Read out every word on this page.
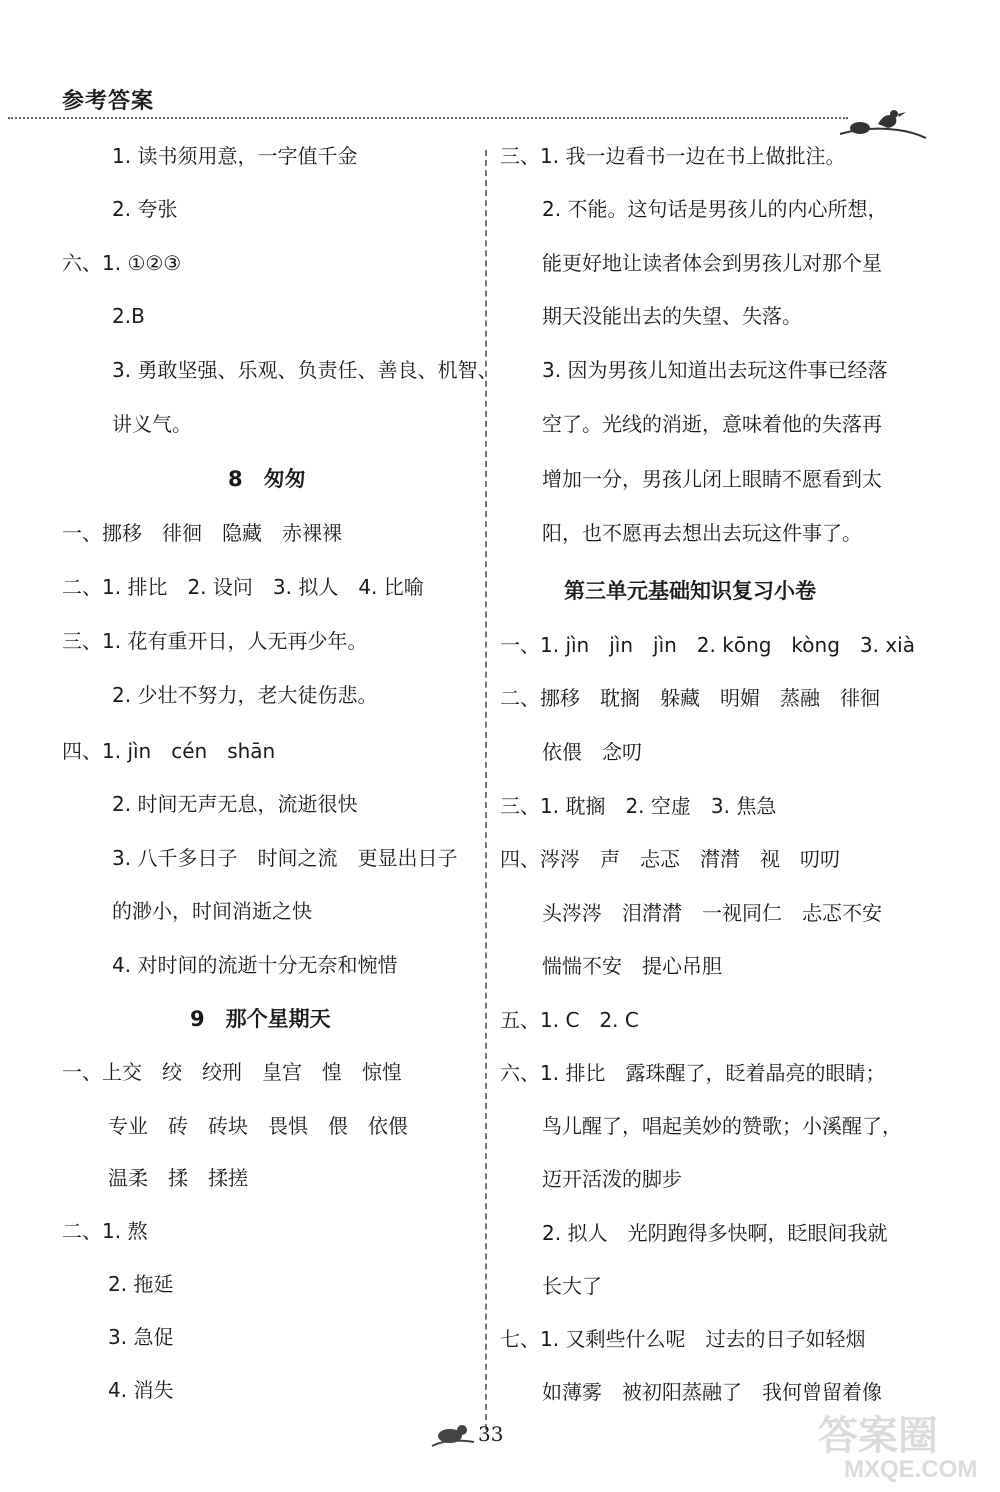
参考答案
1. 读书须用意，一字值千金
2. 夸张
六、1. ①②③
2.B
3. 勇敢坚强、乐观、负责任、善良、机智、
讲义气。
8　匆匆
一、挪移　徘徊　隐藏　赤裸裸
二、1. 排比　2. 设问　3. 拟人　4. 比喻
三、1. 花有重开日，人无再少年。
2. 少壮不努力，老大徒伤悲。
四、1. jìn　cén　shān
2. 时间无声无息，流逝很快
3. 八千多日子　时间之流　更显出日子
的渺小，时间消逝之快
4. 对时间的流逝十分无奈和惋惜
9　那个星期天
一、上交　绞　绞刑　皇宫　惶　惊惶
专业　砖　砖块　畏惧　偎　依偎
温柔　揉　揉搓
二、1. 熬
2. 拖延
3. 急促
4. 消失
三、1. 我一边看书一边在书上做批注。
2. 不能。这句话是男孩儿的内心所想，
能更好地让读者体会到男孩儿对那个星
期天没能出去的失望、失落。
3. 因为男孩儿知道出去玩这件事已经落
空了。光线的消逝，意味着他的失落再
增加一分，男孩儿闭上眼睛不愿看到太
阳，也不愿再去想出去玩这件事了。
第三单元基础知识复习小卷
一、1. jìn　jìn　jìn　2. kōng　kòng　3. xià
二、挪移　耽搁　躲藏　明媚　蒸融　徘徊
依偎　念叨
三、1. 耽搁　2. 空虚　3. 焦急
四、涔涔　声　忐忑　潸潸　视　叨叨
头涔涔　泪潸潸　一视同仁　忐忑不安
惴惴不安　提心吊胆
五、1. C　2. C
六、1. 排比　露珠醒了，眨着晶亮的眼睛；
鸟儿醒了，唱起美妙的赞歌；小溪醒了，
迈开活泼的脚步
2. 拟人　光阴跑得多快啊，眨眼间我就
长大了
七、1. 又剩些什么呢　过去的日子如轻烟
如薄雾　被初阳蒸融了　我何曾留着像
33	答案圈
MXQE.COM
